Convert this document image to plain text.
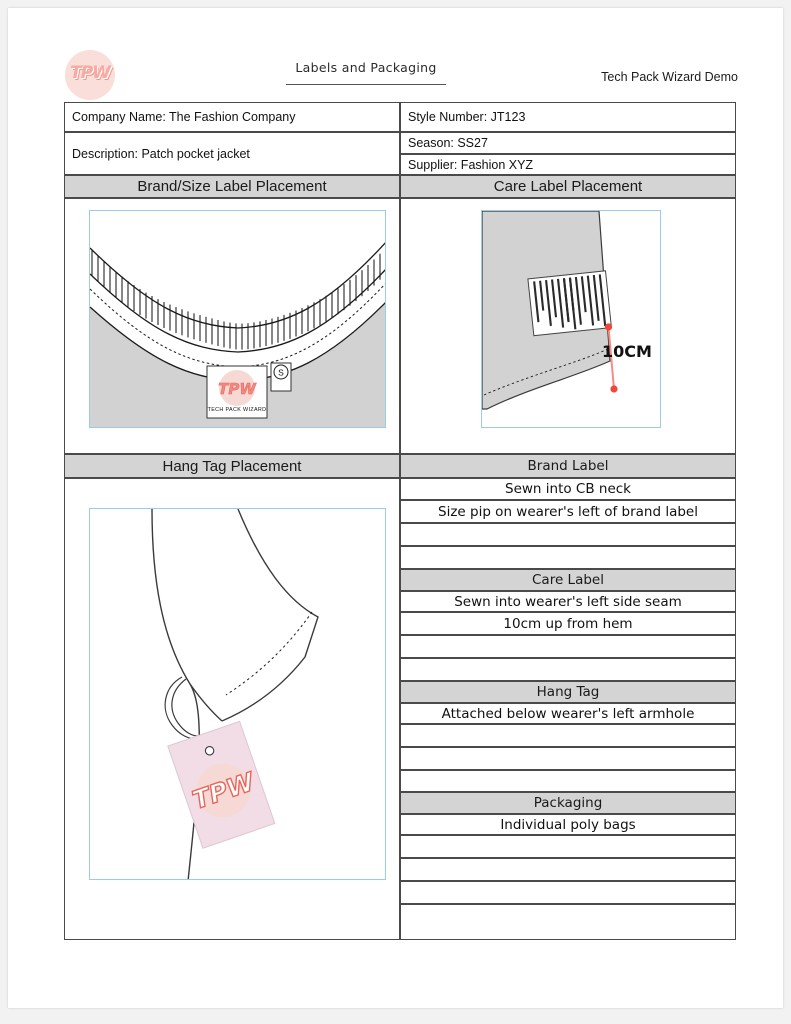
TPW	Labels and Packaging
Tech Pack Wizard Demo
Company Name: The Fashion Company
Description: Patch pocket jacket
Style Number: JT123
Season: SS27
Supplier: Fashion XYZ
Brand/Size Label Placement	Care Label Placement
S
TPW
TECH PACK WIZARD
10CM
Hang Tag Placement
TPW
Brand Label
Sewn into CB neck
Size pip on wearer's left of brand label
Care Label
Sewn into wearer's left side seam
10cm up from hem
Hang Tag
Attached below wearer's left armhole
Packaging
Individual poly bags
